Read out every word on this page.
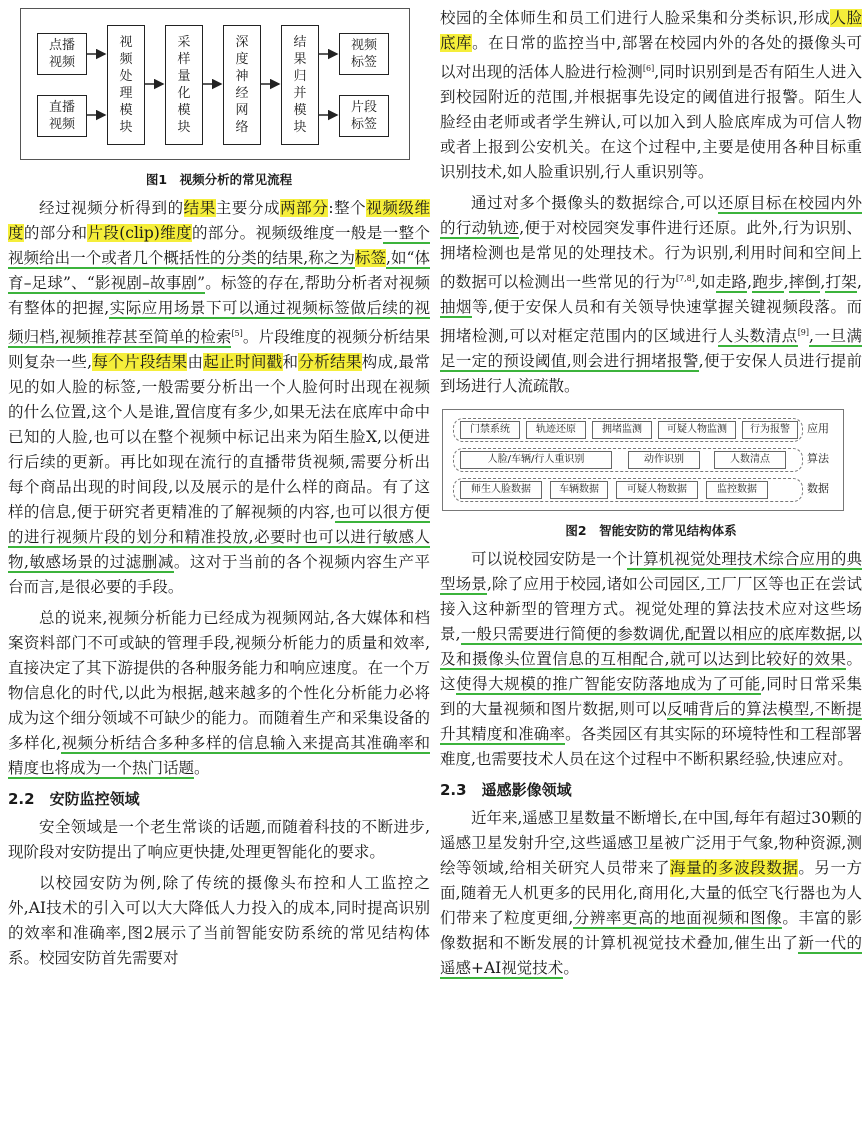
点播
视频
直播
视频
视
频
处
理
模
块
采
样
量
化
模
块
深
度
神
经
网
络
结
果
归
并
模
块
视频
标签
片段
标签
图1　视频分析的常见流程

经过视频分析得到的结果主要分成两部分:整个视频级维度的部分和片段(clip)维度的部分。视频级维度一般是一整个视频给出一个或者几个概括性的分类的结果,称之为标签,如“体育–足球”、“影视剧–故事剧”。标签的存在,帮助分析者对视频有整体的把握,实际应用场景下可以通过视频标签做后续的视频归档,视频推荐甚至简单的检索[5]。片段维度的视频分析结果则复杂一些,每个片段结果由起止时间戳和分析结果构成,最常见的如人脸的标签,一般需要分析出一个人脸何时出现在视频的什么位置,这个人是谁,置信度有多少,如果无法在底库中命中已知的人脸,也可以在整个视频中标记出来为陌生脸X,以便进行后续的更新。再比如现在流行的直播带货视频,需要分析出每个商品出现的时间段,以及展示的是什么样的商品。有了这样的信息,便于研究者更精准的了解视频的内容,也可以很方便的进行视频片段的划分和精准投放,必要时也可以进行敏感人物,敏感场景的过滤删减。这对于当前的各个视频内容生产平台而言,是很必要的手段。

总的说来,视频分析能力已经成为视频网站,各大媒体和档案资料部门不可或缺的管理手段,视频分析能力的质量和效率,直接决定了其下游提供的各种服务能力和响应速度。在一个万物信息化的时代,以此为根据,越来越多的个性化分析能力必将成为这个细分领域不可缺少的能力。而随着生产和采集设备的多样化,视频分析结合多种多样的信息输入来提高其准确率和精度也将成为一个热门话题。

2.2　安防监控领域

安全领域是一个老生常谈的话题,而随着科技的不断进步,现阶段对安防提出了响应更快捷,处理更智能化的要求。

以校园安防为例,除了传统的摄像头布控和人工监控之外,AI技术的引入可以大大降低人力投入的成本,同时提高识别的效率和准确率,图2展示了当前智能安防系统的常见结构体系。校园安防首先需要对

校园的全体师生和员工们进行人脸采集和分类标识,形成人脸底库。在日常的监控当中,部署在校园内外的各处的摄像头可以对出现的活体人脸进行检测[6],同时识别到是否有陌生人进入到校园附近的范围,并根据事先设定的阈值进行报警。陌生人脸经由老师或者学生辨认,可以加入到人脸底库成为可信人物或者上报到公安机关。在这个过程中,主要是使用各种目标重识别技术,如人脸重识别,行人重识别等。

通过对多个摄像头的数据综合,可以还原目标在校园内外的行动轨迹,便于对校园突发事件进行还原。此外,行为识别、拥堵检测也是常见的处理技术。行为识别,利用时间和空间上的数据可以检测出一些常见的行为[7,8],如走路,跑步,摔倒,打架,抽烟等,便于安保人员和有关领导快速掌握关键视频段落。而拥堵检测,可以对框定范围内的区域进行人头数清点[9],一旦满足一定的预设阈值,则会进行拥堵报警,便于安保人员进行提前到场进行人流疏散。

门禁系统	轨迹还原	拥堵监测	可疑人物监测	行为报警	应用
人脸/车辆/行人重识别	动作识别	人数清点	算法
师生人脸数据	车辆数据	可疑人物数据	监控数据	数据
图2　智能安防的常见结构体系

可以说校园安防是一个计算机视觉处理技术综合应用的典型场景,除了应用于校园,诸如公司园区,工厂厂区等也正在尝试接入这种新型的管理方式。视觉处理的算法技术应对这些场景,一般只需要进行简便的参数调优,配置以相应的底库数据,以及和摄像头位置信息的互相配合,就可以达到比较好的效果。这使得大规模的推广智能安防落地成为了可能,同时日常采集到的大量视频和图片数据,则可以反哺背后的算法模型,不断提升其精度和准确率。各类园区有其实际的环境特性和工程部署难度,也需要技术人员在这个过程中不断积累经验,快速应对。

2.3　遥感影像领域

近年来,遥感卫星数量不断增长,在中国,每年有超过30颗的遥感卫星发射升空,这些遥感卫星被广泛用于气象,物种资源,测绘等领域,给相关研究人员带来了海量的多波段数据。另一方面,随着无人机更多的民用化,商用化,大量的低空飞行器也为人们带来了粒度更细,分辨率更高的地面视频和图像。丰富的影像数据和不断发展的计算机视觉技术叠加,催生出了新一代的遥感+AI视觉技术。
